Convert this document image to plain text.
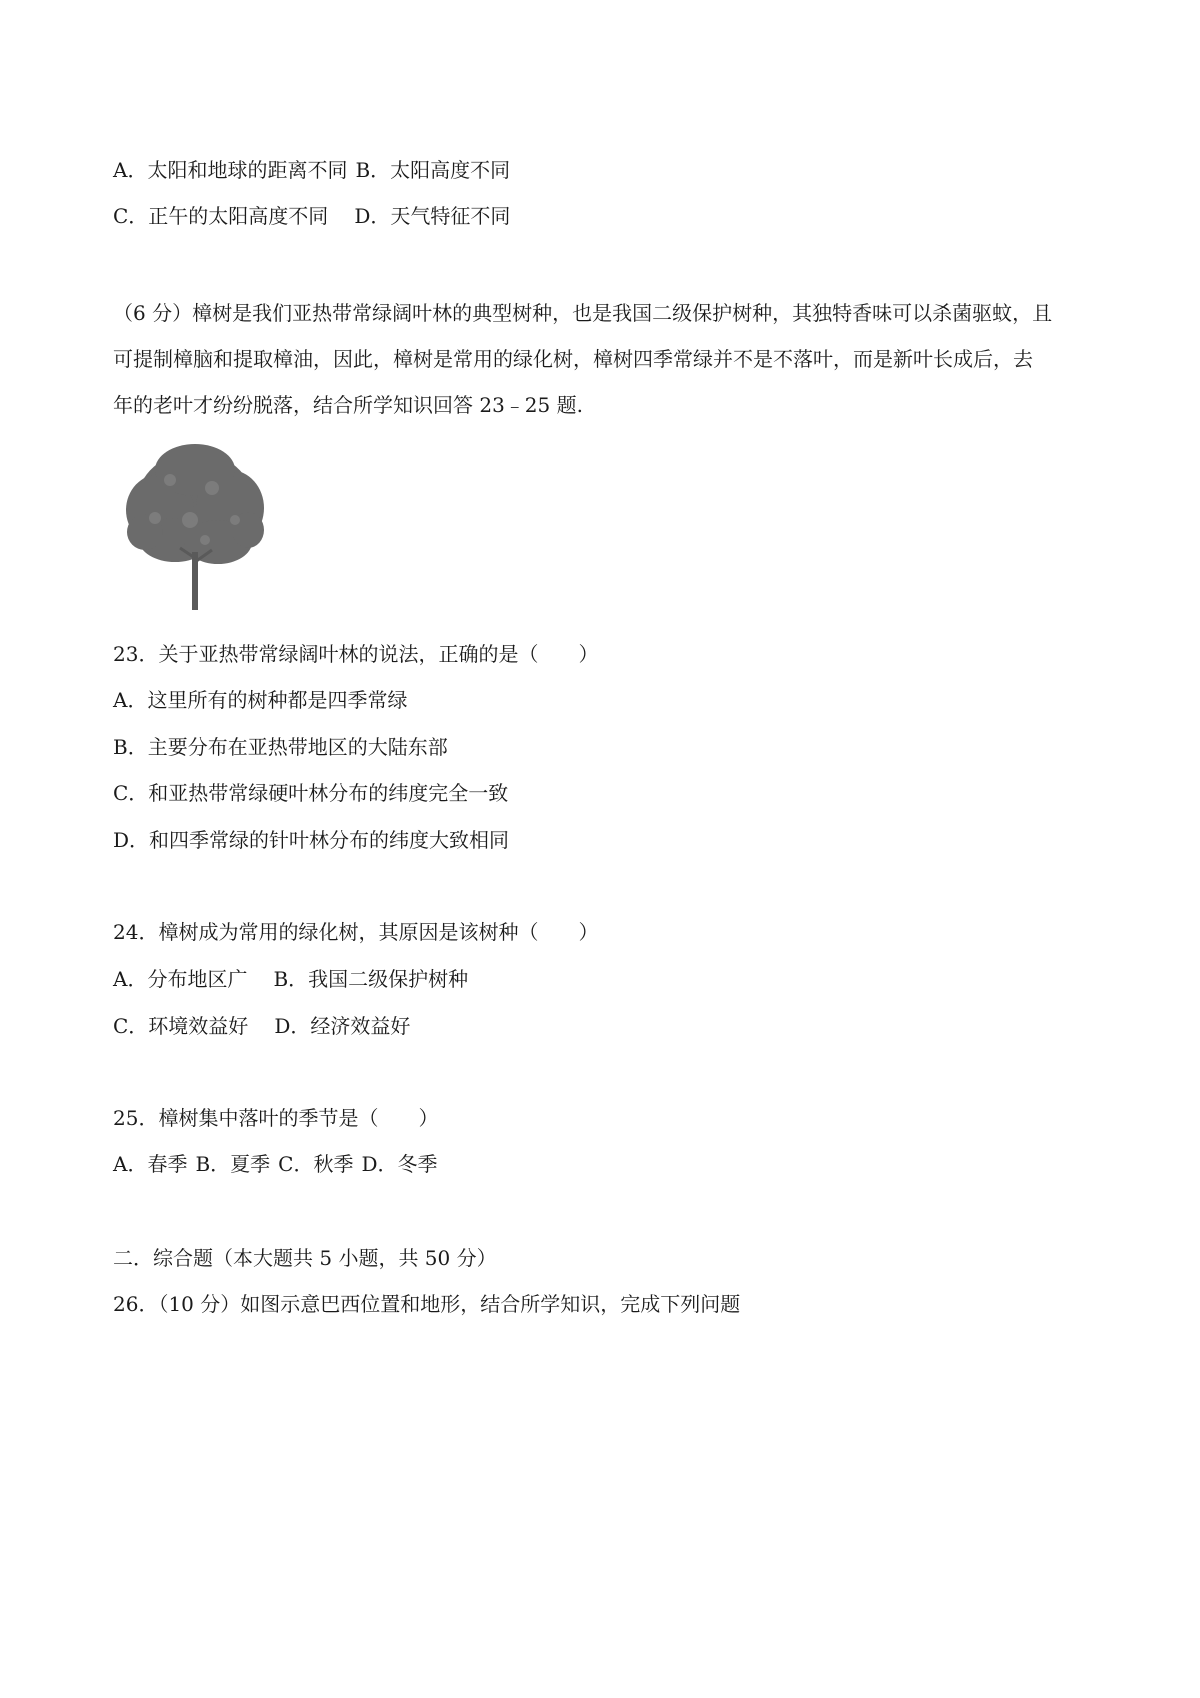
A．太阳和地球的距离不同 B．太阳高度不同
C．正午的太阳高度不同 D．天气特征不同
（6 分）樟树是我们亚热带常绿阔叶林的典型树种，也是我国二级保护树种，其独特香味可以杀菌驱蚊，且
可提制樟脑和提取樟油，因此，樟树是常用的绿化树，樟树四季常绿并不是不落叶，而是新叶长成后，去
年的老叶才纷纷脱落，结合所学知识回答 23﹣25 题.
23．关于亚热带常绿阔叶林的说法，正确的是（　　）
A．这里所有的树种都是四季常绿
B．主要分布在亚热带地区的大陆东部
C．和亚热带常绿硬叶林分布的纬度完全一致
D．和四季常绿的针叶林分布的纬度大致相同
24．樟树成为常用的绿化树，其原因是该树种（　　）
A．分布地区广 B．我国二级保护树种
C．环境效益好 D．经济效益好
25．樟树集中落叶的季节是（　　）
A．春季 B．夏季 C．秋季 D．冬季
二．综合题（本大题共 5 小题，共 50 分）
26．（10 分）如图示意巴西位置和地形，结合所学知识，完成下列问题
